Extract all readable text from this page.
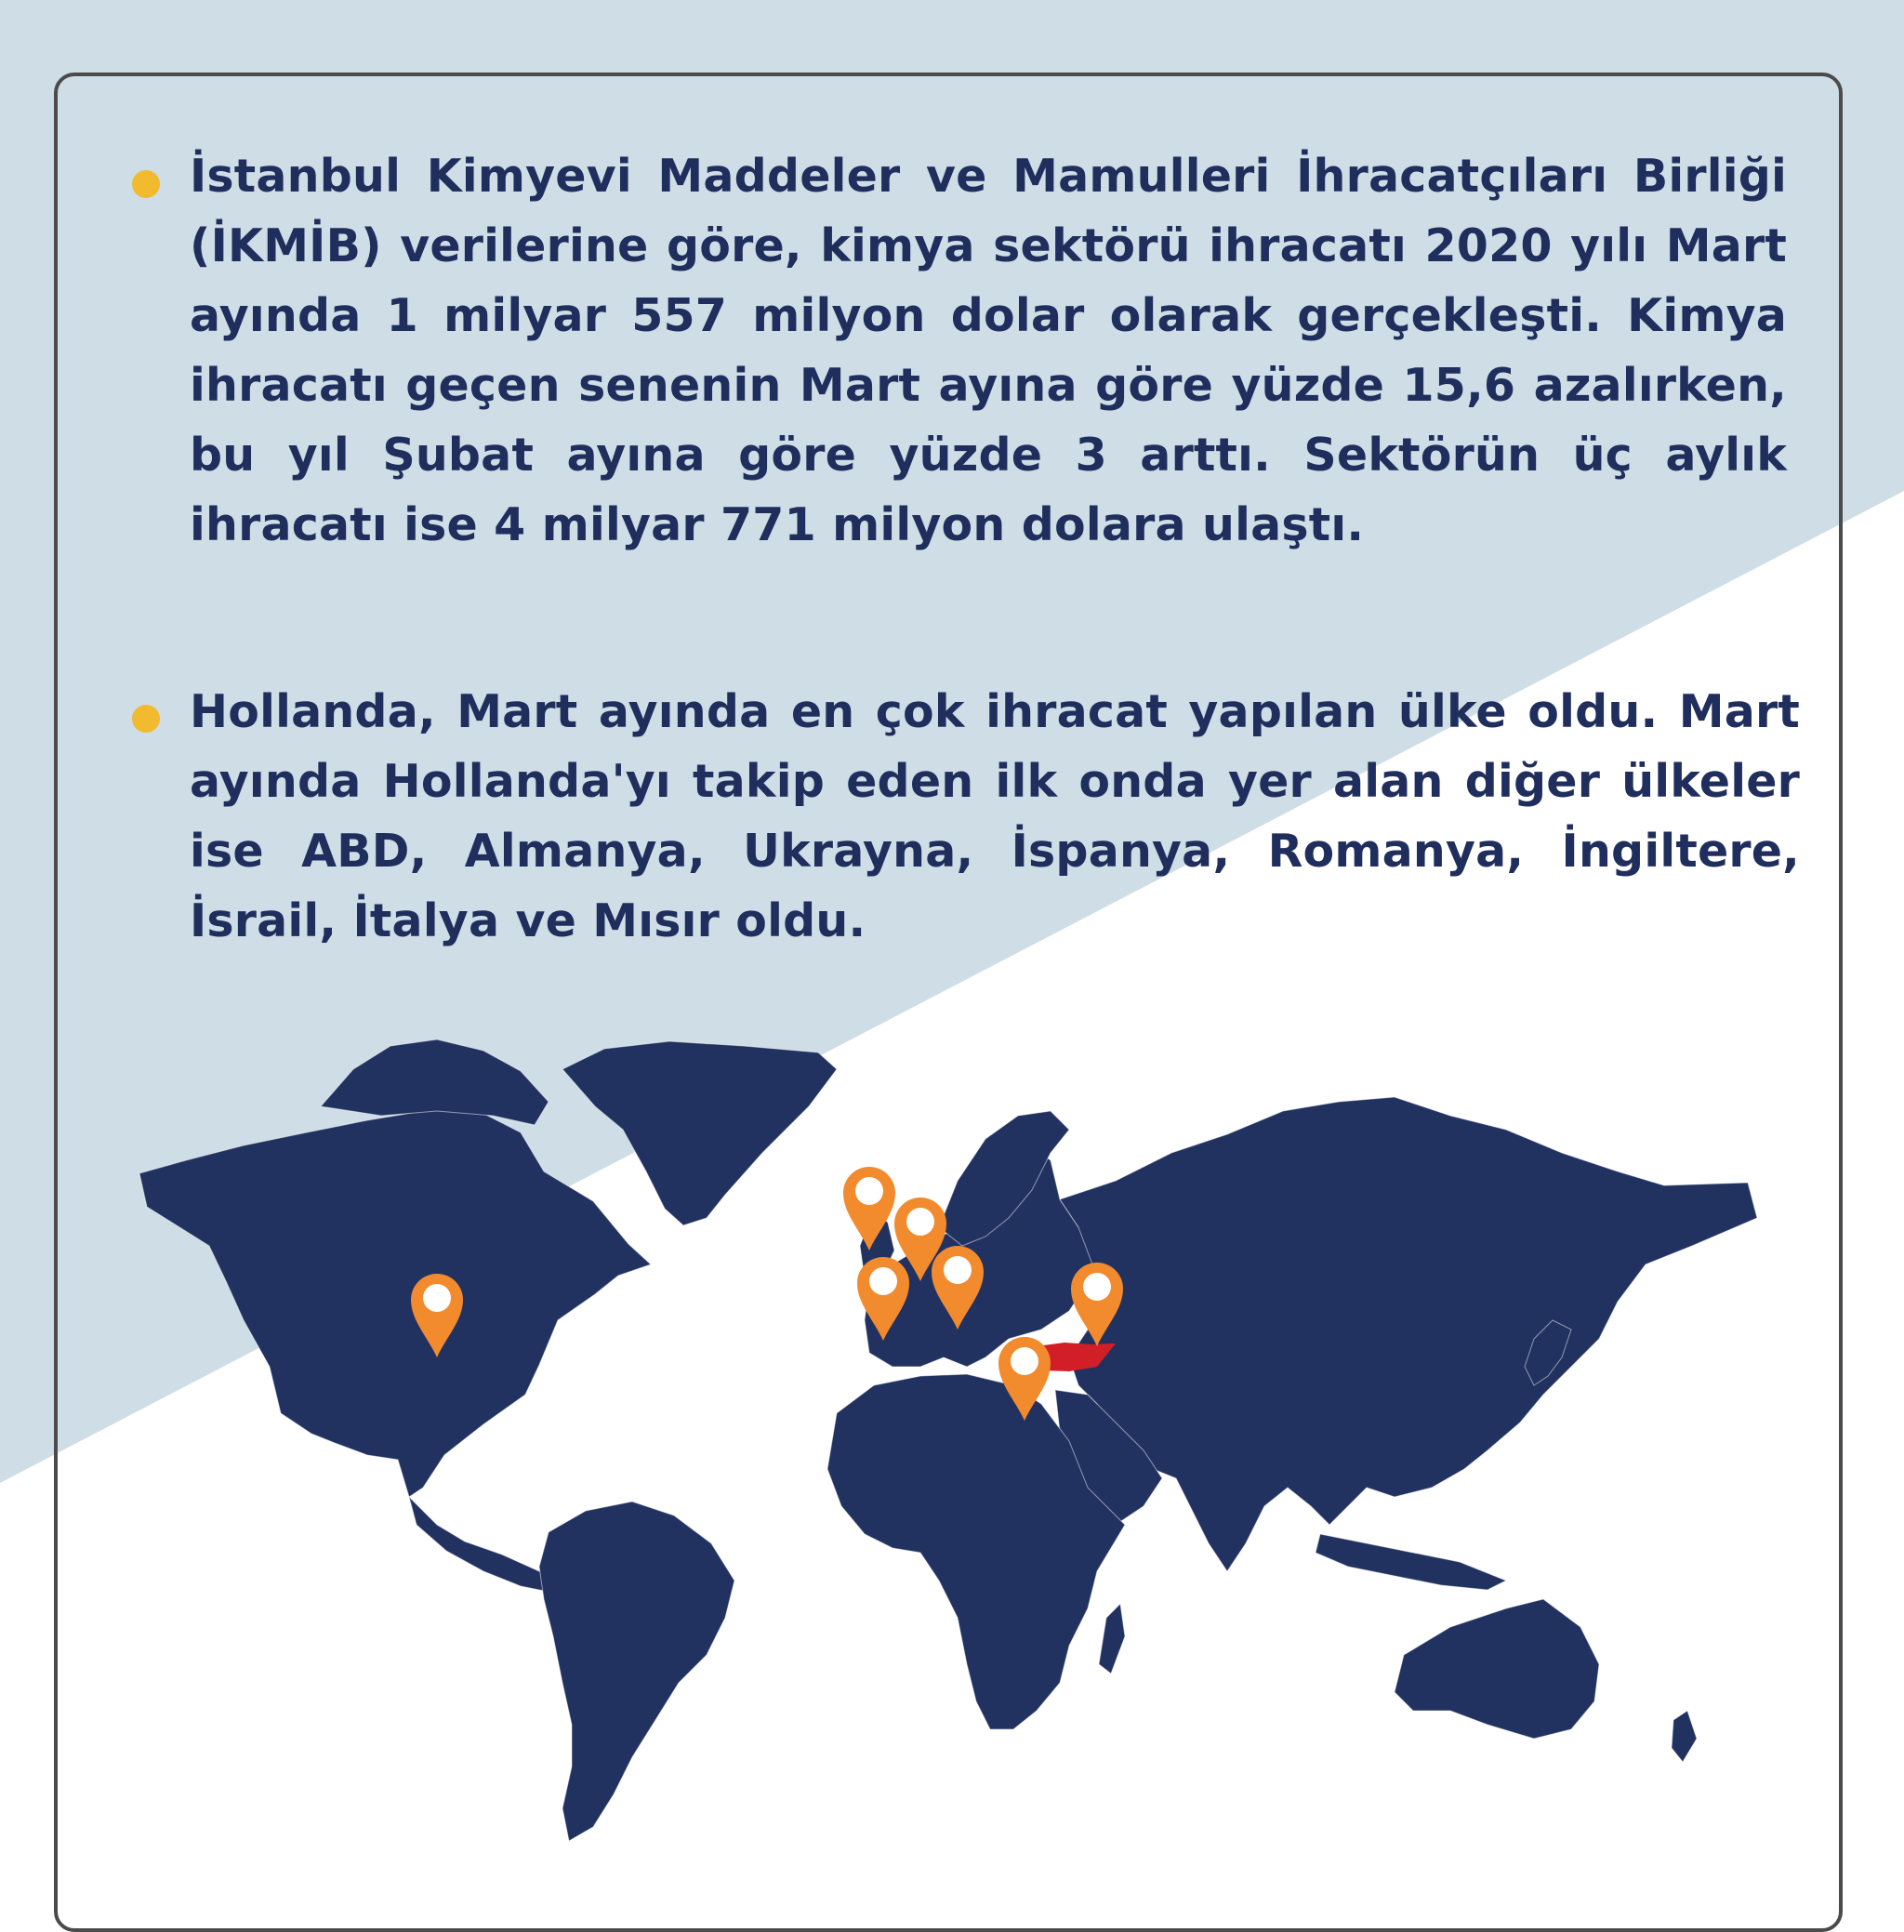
İstanbul Kimyevi Maddeler ve Mamulleri İhracatçıları Birliği (İKMİB) verilerine göre, kimya sektörü ihracatı 2020 yılı Mart ayında 1 milyar 557 milyon dolar olarak gerçekleşti. Kimya ihracatı geçen senenin Mart ayına göre yüzde 15,6 azalırken, bu yıl Şubat ayına göre yüzde 3 arttı. Sektörün üç aylık ihracatı ise 4 milyar 771 milyon dolara ulaştı.
Hollanda, Mart ayında en çok ihracat yapılan ülke oldu. Mart ayında Hollanda'yı takip eden ilk onda yer alan diğer ülkeler ise ABD, Almanya, Ukrayna, İspanya, Romanya, İngiltere, İsrail, İtalya ve Mısır oldu.
